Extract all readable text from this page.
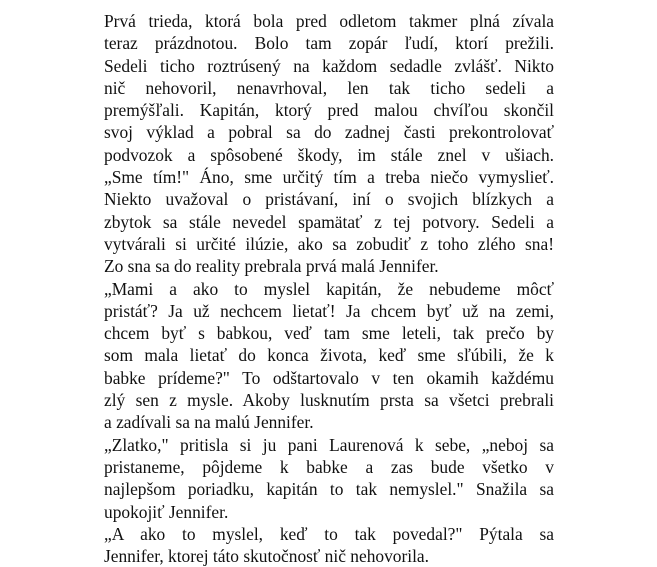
Prvá trieda, ktorá bola pred odletom takmer plná zívala
teraz prázdnotou. Bolo tam zopár ľudí, ktorí prežili.
Sedeli ticho roztrúsený na každom sedadle zvlášť. Nikto
nič nehovoril, nenavrhoval, len tak ticho sedeli a
premýšľali. Kapitán, ktorý pred malou chvíľou skončil
svoj výklad a pobral sa do zadnej časti prekontrolovať
podvozok a spôsobené škody, im stále znel v ušiach.
„Sme tím!" Áno, sme určitý tím a treba niečo vymyslieť.
Niekto uvažoval o pristávaní, iní o svojich blízkych a
zbytok sa stále nevedel spamätať z tej potvory. Sedeli a
vytvárali si určité ilúzie, ako sa zobudiť z toho zlého sna!
Zo sna sa do reality prebrala prvá malá Jennifer.
„Mami a ako to myslel kapitán, že nebudeme môcť
pristáť? Ja už nechcem lietať! Ja chcem byť už na zemi,
chcem byť s babkou, veď tam sme leteli, tak prečo by
som mala lietať do konca života, keď sme sľúbili, že k
babke prídeme?" To odštartovalo v ten okamih každému
zlý sen z mysle. Akoby lusknutím prsta sa všetci prebrali
a zadívali sa na malú Jennifer.
„Zlatko," pritisla si ju pani Laurenová k sebe, „neboj sa
pristaneme, pôjdeme k babke a zas bude všetko v
najlepšom poriadku, kapitán to tak nemyslel." Snažila sa
upokojiť Jennifer.
„A ako to myslel, keď to tak povedal?" Pýtala sa
Jennifer, ktorej táto skutočnosť nič nehovorila.
